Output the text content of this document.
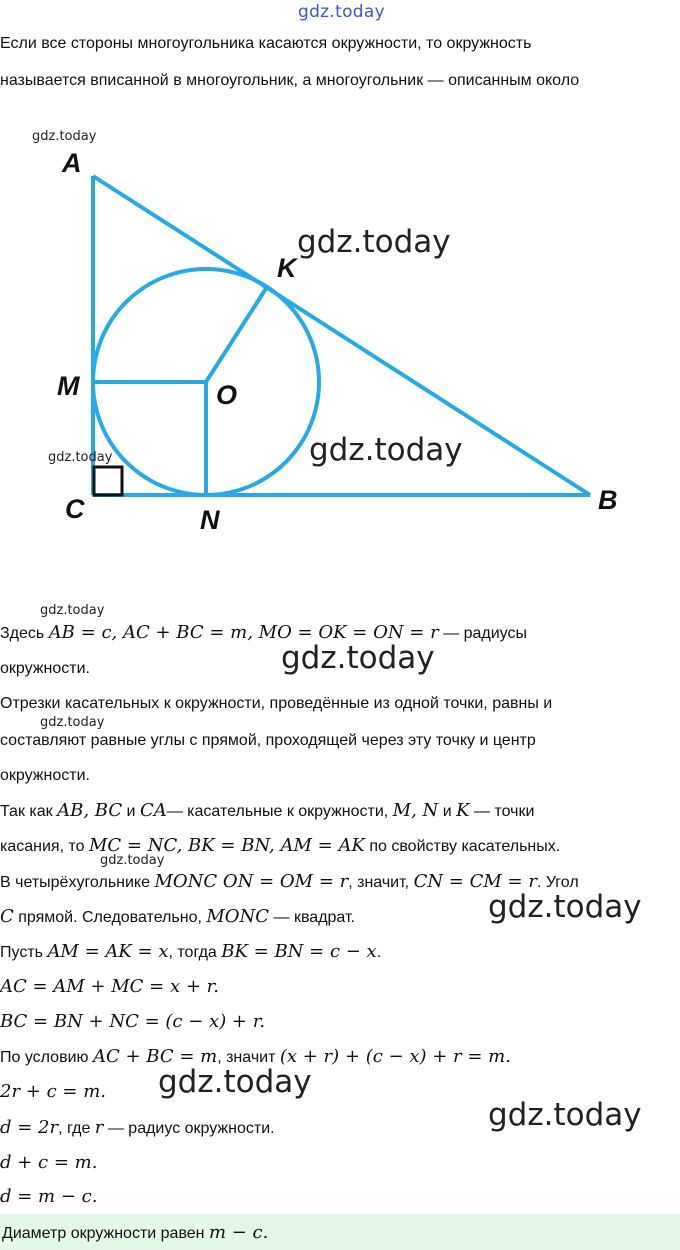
gdz.today
Если все стороны многоугольника касаются окружности, то окружность
называется вписанной в многоугольник, а многоугольник — описанным около
A
K
M	O
C	N
B
gdz.today
gdz.today
gdz.today
gdz.today
gdz.today
gdz.today
gdz.today
gdz.today
gdz.today
gdz.today
gdz.today
Здесь AB = c, AC + BC = m, MO = OK = ON = r — радиусы
окружности.
Отрезки касательных к окружности, проведённые из одной точки, равны и
составляют равные углы с прямой, проходящей через эту точку и центр
окружности.
Так как AB, BC и CA— касательные к окружности, M, N и K — точки
касания, то MC = NC, BK = BN, AM = AK по свойству касательных.
В четырёхугольнике MONC ON = OM = r, значит, CN = CM = r. Угол
C прямой. Следовательно, MONC — квадрат.
Пусть AM = AK = x, тогда BK = BN = c − x.
AC = AM + MC = x + r.
BC = BN + NC = (c − x) + r.
По условию AC + BC = m, значит (x + r) + (c − x) + r = m.
2r + c = m.
d = 2r, где r — радиус окружности.
d + c = m.
d = m − c.
Диаметр окружности равен m − c.
